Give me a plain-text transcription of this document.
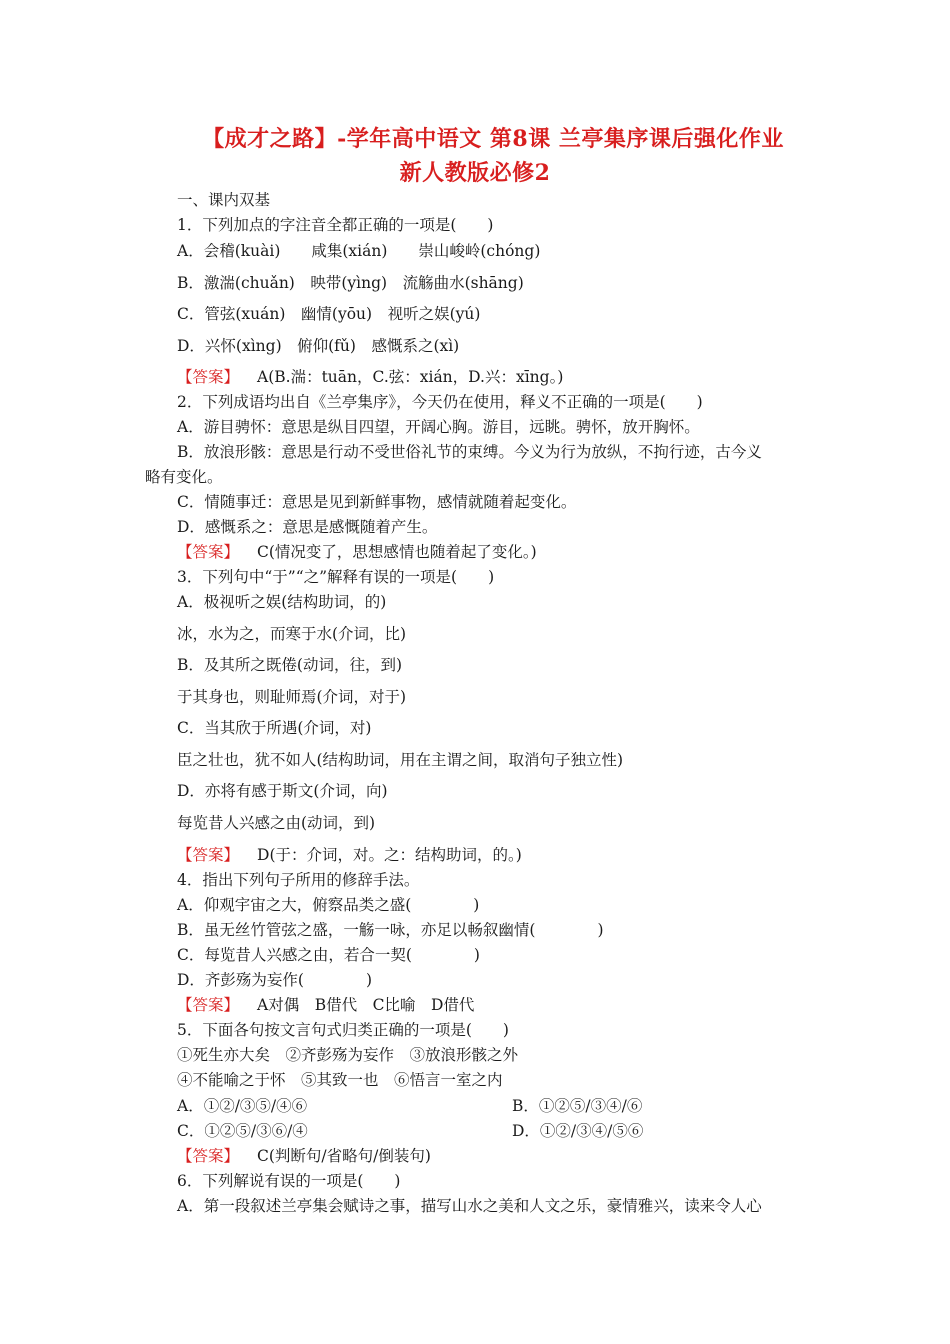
【成才之路】-学年高中语文 第8课 兰亭集序课后强化作业
新人教版必修2
一、课内双基
1．下列加点的字注音全都正确的一项是(　　)
A．会稽(kuài)　　咸集(xián)　　崇山峻岭(chóng)
B．激湍(chuǎn)　映带(yìng)　流觞曲水(shāng)
C．管弦(xuán)　幽情(yōu)　视听之娱(yú)
D．兴怀(xìng)　俯仰(fǔ)　感慨系之(xì)
【答案】 A(B.湍：tuān，C.弦：xián，D.兴：xīng。)
2．下列成语均出自《兰亭集序》，今天仍在使用，释义不正确的一项是(　　)
A．游目骋怀：意思是纵目四望，开阔心胸。游目，远眺。骋怀，放开胸怀。
B．放浪形骸：意思是行动不受世俗礼节的束缚。今义为行为放纵，不拘行迹，古今义
略有变化。
C．情随事迁：意思是见到新鲜事物，感情就随着起变化。
D．感慨系之：意思是感慨随着产生。
【答案】 C(情况变了，思想感情也随着起了变化。)
3．下列句中“于”“之”解释有误的一项是(　　)
A．极视听之娱(结构助词，的)
冰，水为之，而寒于水(介词，比)
B．及其所之既倦(动词，往，到)
于其身也，则耻师焉(介词，对于)
C．当其欣于所遇(介词，对)
臣之壮也，犹不如人(结构助词，用在主谓之间，取消句子独立性)
D．亦将有感于斯文(介词，向)
每览昔人兴感之由(动词，到)
【答案】 D(于：介词，对。之：结构助词，的。)
4．指出下列句子所用的修辞手法。
A．仰观宇宙之大，俯察品类之盛(　　　　)
B．虽无丝竹管弦之盛，一觞一咏，亦足以畅叙幽情(　　　　)
C．每览昔人兴感之由，若合一契(　　　　)
D．齐彭殇为妄作(　　　　)
【答案】 A对偶　B借代　C比喻　D借代
5．下面各句按文言句式归类正确的一项是(　　)
①死生亦大矣　②齐彭殇为妄作　③放浪形骸之外
④不能喻之于怀　⑤其致一也　⑥悟言一室之内
【答案】 C(判断句/省略句/倒装句)
6．下列解说有误的一项是(　　)
A．第一段叙述兰亭集会赋诗之事，描写山水之美和人文之乐，豪情雅兴，读来令人心
A．①②/③⑤/④⑥	B．①②⑤/③④/⑥
C．①②⑤/③⑥/④	D．①②/③④/⑤⑥
